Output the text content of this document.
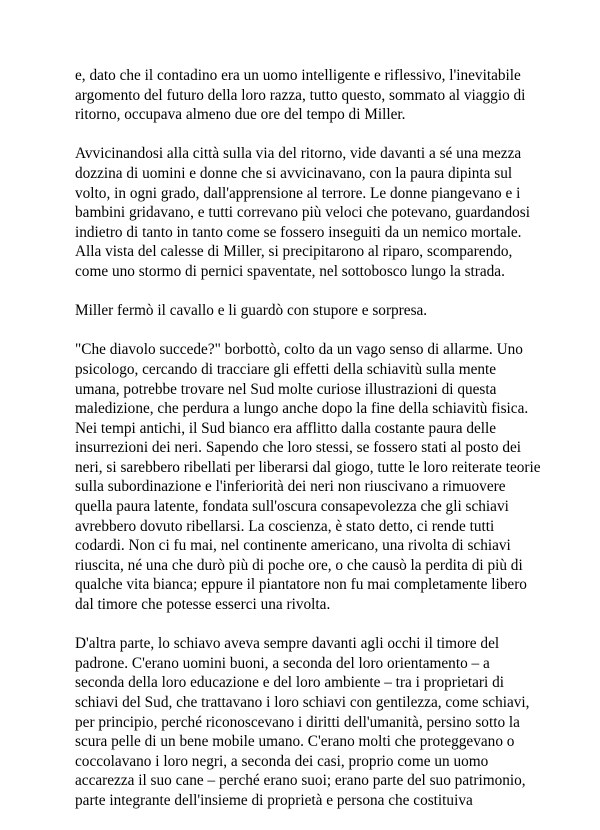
e, dato che il contadino era un uomo intelligente e riflessivo, l'inevitabile
argomento del futuro della loro razza, tutto questo, sommato al viaggio di
ritorno, occupava almeno due ore del tempo di Miller.

Avvicinandosi alla città sulla via del ritorno, vide davanti a sé una mezza
dozzina di uomini e donne che si avvicinavano, con la paura dipinta sul
volto, in ogni grado, dall'apprensione al terrore. Le donne piangevano e i
bambini gridavano, e tutti correvano più veloci che potevano, guardandosi
indietro di tanto in tanto come se fossero inseguiti da un nemico mortale.
Alla vista del calesse di Miller, si precipitarono al riparo, scomparendo,
come uno stormo di pernici spaventate, nel sottobosco lungo la strada.

Miller fermò il cavallo e li guardò con stupore e sorpresa.

"Che diavolo succede?" borbottò, colto da un vago senso di allarme. Uno
psicologo, cercando di tracciare gli effetti della schiavitù sulla mente
umana, potrebbe trovare nel Sud molte curiose illustrazioni di questa
maledizione, che perdura a lungo anche dopo la fine della schiavitù fisica.
Nei tempi antichi, il Sud bianco era afflitto dalla costante paura delle
insurrezioni dei neri. Sapendo che loro stessi, se fossero stati al posto dei
neri, si sarebbero ribellati per liberarsi dal giogo, tutte le loro reiterate teorie
sulla subordinazione e l'inferiorità dei neri non riuscivano a rimuovere
quella paura latente, fondata sull'oscura consapevolezza che gli schiavi
avrebbero dovuto ribellarsi. La coscienza, è stato detto, ci rende tutti
codardi. Non ci fu mai, nel continente americano, una rivolta di schiavi
riuscita, né una che durò più di poche ore, o che causò la perdita di più di
qualche vita bianca; eppure il piantatore non fu mai completamente libero
dal timore che potesse esserci una rivolta.

D'altra parte, lo schiavo aveva sempre davanti agli occhi il timore del
padrone. C'erano uomini buoni, a seconda del loro orientamento – a
seconda della loro educazione e del loro ambiente – tra i proprietari di
schiavi del Sud, che trattavano i loro schiavi con gentilezza, come schiavi,
per principio, perché riconoscevano i diritti dell'umanità, persino sotto la
scura pelle di un bene mobile umano. C'erano molti che proteggevano o
coccolavano i loro negri, a seconda dei casi, proprio come un uomo
accarezza il suo cane – perché erano suoi; erano parte del suo patrimonio,
parte integrante dell'insieme di proprietà e persona che costituiva
